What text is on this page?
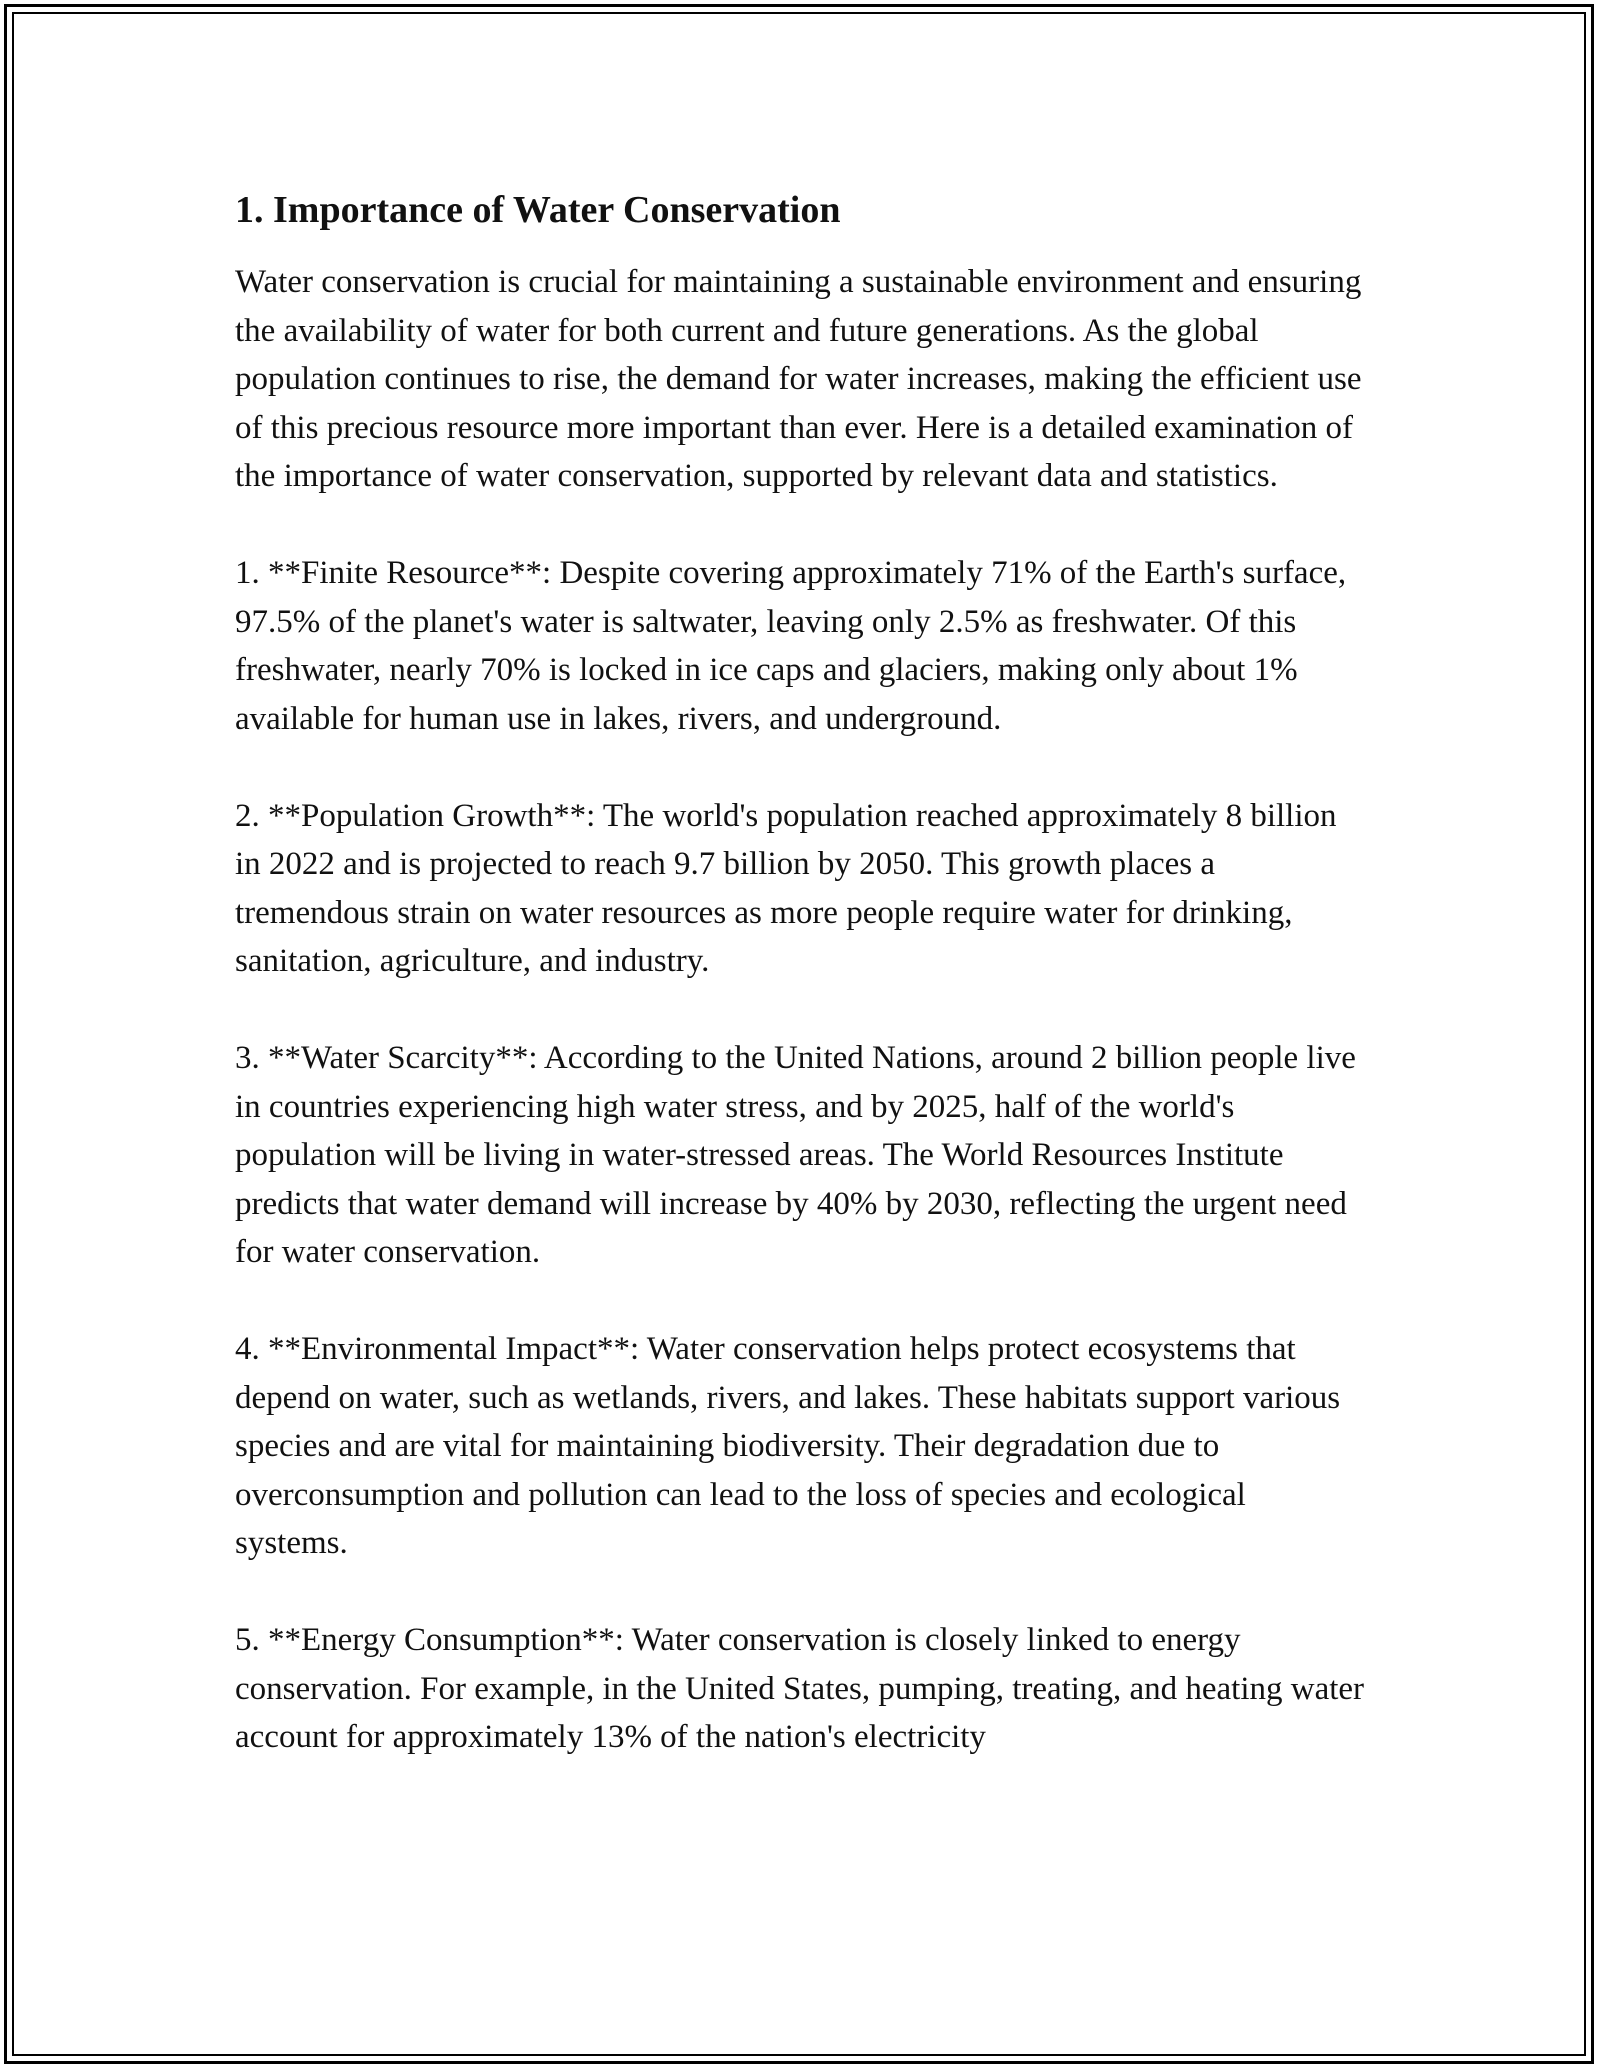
1. Importance of Water Conservation

Water conservation is crucial for maintaining a sustainable environment and ensuring the availability of water for both current and future generations. As the global population continues to rise, the demand for water increases, making the efficient use of this precious resource more important than ever. Here is a detailed examination of the importance of water conservation, supported by relevant data and statistics.

1. **Finite Resource**: Despite covering approximately 71% of the Earth's surface, 97.5% of the planet's water is saltwater, leaving only 2.5% as freshwater. Of this freshwater, nearly 70% is locked in ice caps and glaciers, making only about 1% available for human use in lakes, rivers, and underground.

2. **Population Growth**: The world's population reached approximately 8 billion in 2022 and is projected to reach 9.7 billion by 2050. This growth places a tremendous strain on water resources as more people require water for drinking, sanitation, agriculture, and industry.

3. **Water Scarcity**: According to the United Nations, around 2 billion people live in countries experiencing high water stress, and by 2025, half of the world's population will be living in water-stressed areas. The World Resources Institute predicts that water demand will increase by 40% by 2030, reflecting the urgent need for water conservation.

4. **Environmental Impact**: Water conservation helps protect ecosystems that depend on water, such as wetlands, rivers, and lakes. These habitats support various species and are vital for maintaining biodiversity. Their degradation due to overconsumption and pollution can lead to the loss of species and ecological systems.

5. **Energy Consumption**: Water conservation is closely linked to energy conservation. For example, in the United States, pumping, treating, and heating water account for approximately 13% of the nation's electricity
